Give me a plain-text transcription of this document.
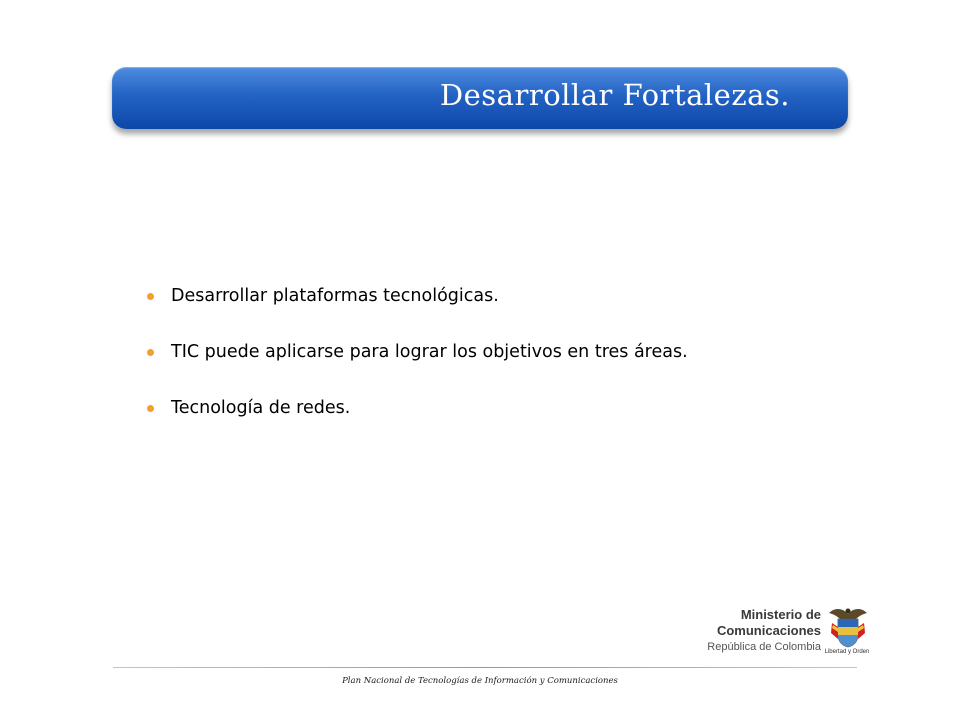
Desarrollar Fortalezas.
Desarrollar plataformas tecnológicas.
TIC puede aplicarse para lograr los objetivos en tres áreas.
Tecnología de redes.
Ministerio de
Comunicaciones
República de Colombia Libertad y Orden
Plan Nacional de Tecnologías de Información y Comunicaciones
